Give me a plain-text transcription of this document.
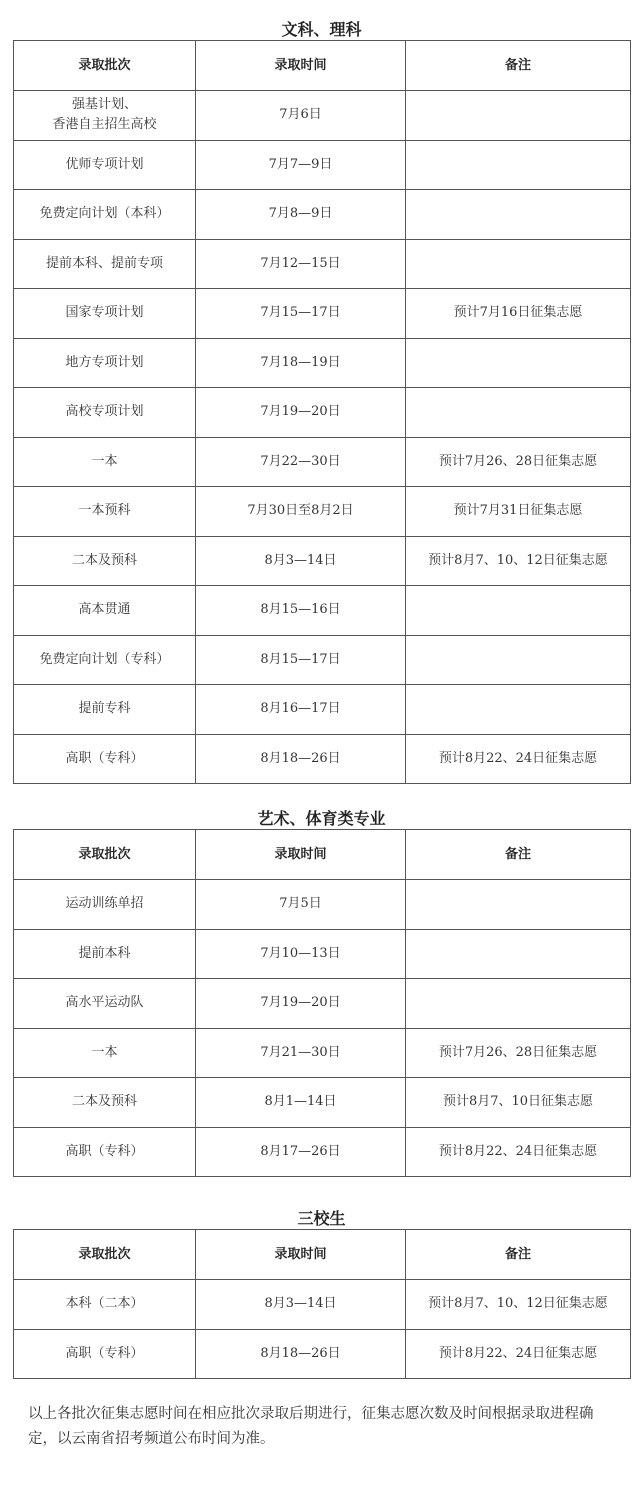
文科、理科
录取批次	录取时间	备注
强基计划、
香港自主招生高校	7月6日	
优师专项计划	7月7—9日	
免费定向计划（本科）	7月8—9日	
提前本科、提前专项	7月12—15日	
国家专项计划	7月15—17日	预计7月16日征集志愿
地方专项计划	7月18—19日	
高校专项计划	7月19—20日	
一本	7月22—30日	预计7月26、28日征集志愿
一本预科	7月30日至8月2日	预计7月31日征集志愿
二本及预科	8月3—14日	预计8月7、10、12日征集志愿
高本贯通	8月15—16日	
免费定向计划（专科）	8月15—17日	
提前专科	8月16—17日	
高职（专科）	8月18—26日	预计8月22、24日征集志愿
艺术、体育类专业
录取批次	录取时间	备注
运动训练单招	7月5日	
提前本科	7月10—13日	
高水平运动队	7月19—20日	
一本	7月21—30日	预计7月26、28日征集志愿
二本及预科	8月1—14日	预计8月7、10日征集志愿
高职（专科）	8月17—26日	预计8月22、24日征集志愿
三校生
录取批次	录取时间	备注
本科（二本）	8月3—14日	预计8月7、10、12日征集志愿
高职（专科）	8月18—26日	预计8月22、24日征集志愿
以上各批次征集志愿时间在相应批次录取后期进行，征集志愿次数及时间根据录取进程确定，以云南省招考频道公布时间为准。
